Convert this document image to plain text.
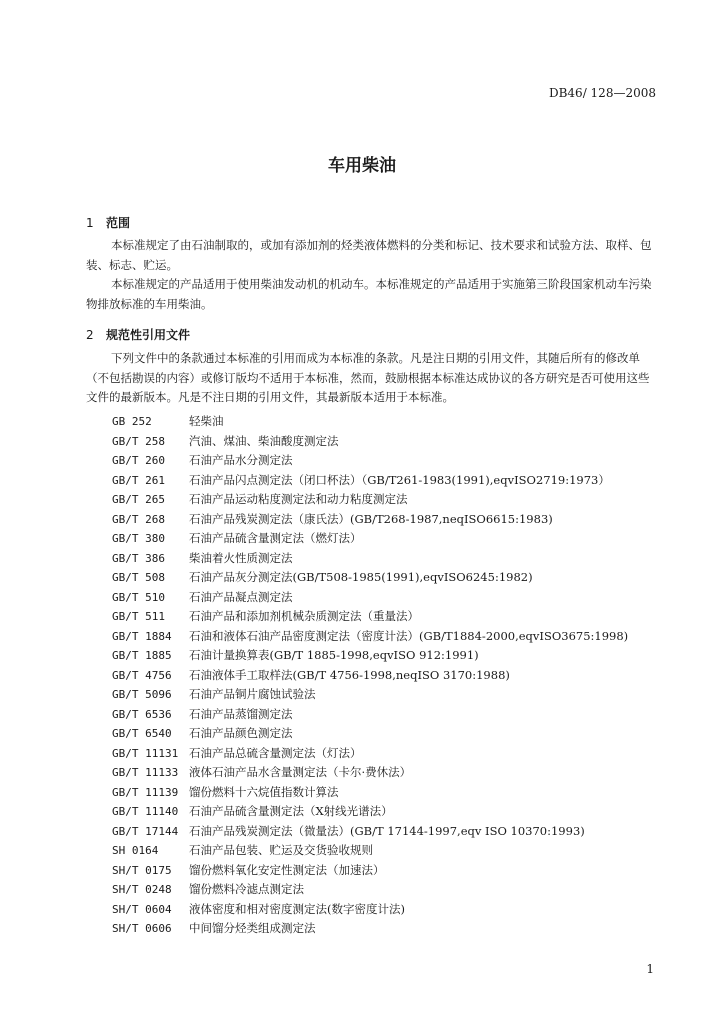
DB46/ 128—2008
车用柴油
1 范围
本标准规定了由石油制取的，或加有添加剂的烃类液体燃料的分类和标记、技术要求和试验方法、取样、包装、标志、贮运。
本标准规定的产品适用于使用柴油发动机的机动车。本标准规定的产品适用于实施第三阶段国家机动车污染物排放标准的车用柴油。
2 规范性引用文件
下列文件中的条款通过本标准的引用而成为本标准的条款。凡是注日期的引用文件，其随后所有的修改单（不包括勘误的内容）或修订版均不适用于本标准，然而，鼓励根据本标准达成协议的各方研究是否可使用这些文件的最新版本。凡是不注日期的引用文件，其最新版本适用于本标准。
GB 252	轻柴油
GB/T 258 汽油、煤油、柴油酸度测定法
GB/T 260 石油产品水分测定法
GB/T 261 石油产品闪点测定法（闭口杯法）（GB/T261-1983(1991),eqvISO2719:1973）
GB/T 265 石油产品运动粘度测定法和动力粘度测定法
GB/T 268 石油产品残炭测定法（康氏法）(GB/T268-1987,neqISO6615:1983)
GB/T 380 石油产品硫含量测定法（燃灯法）
GB/T 386 柴油着火性质测定法
GB/T 508 石油产品灰分测定法(GB/T508-1985(1991),eqvISO6245:1982)
GB/T 510 石油产品凝点测定法
GB/T 511 石油产品和添加剂机械杂质测定法（重量法）
GB/T 1884 石油和液体石油产品密度测定法（密度计法）(GB/T1884-2000,eqvISO3675:1998)
GB/T 1885 石油计量换算表(GB/T 1885-1998,eqvISO 912:1991)
GB/T 4756 石油液体手工取样法(GB/T 4756-1998,neqISO 3170:1988)
GB/T 5096 石油产品铜片腐蚀试验法
GB/T 6536 石油产品蒸馏测定法
GB/T 6540 石油产品颜色测定法
GB/T 11131 石油产品总硫含量测定法（灯法）
GB/T 11133 液体石油产品水含量测定法（卡尔·费休法）
GB/T 11139 馏份燃料十六烷值指数计算法
GB/T 11140 石油产品硫含量测定法（X射线光谱法）
GB/T 17144 石油产品残炭测定法（微量法）(GB/T 17144-1997,eqv ISO 10370:1993)
SH 0164	石油产品包装、贮运及交货验收规则
SH/T 0175 馏份燃料氧化安定性测定法（加速法）
SH/T 0248 馏份燃料冷滤点测定法
SH/T 0604 液体密度和相对密度测定法(数字密度计法)
SH/T 0606 中间馏分烃类组成测定法
1
